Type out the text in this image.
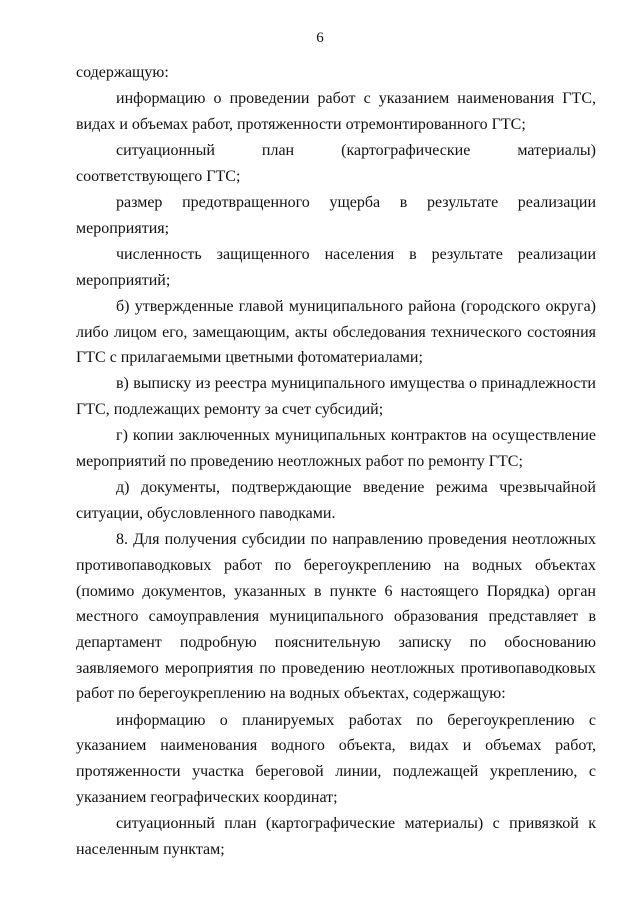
6

содержащую:

информацию о проведении работ с указанием наименования ГТС, видах и объемах работ, протяженности отремонтированного ГТС;

ситуационный план (картографические материалы) соответствующего ГТС;

размер предотвращенного ущерба в результате реализации мероприятия;

численность защищенного населения в результате реализации мероприятий;

б) утвержденные главой муниципального района (городского округа) либо лицом его, замещающим, акты обследования технического состояния ГТС с прилагаемыми цветными фотоматериалами;

в) выписку из реестра муниципального имущества о принадлежности ГТС, подлежащих ремонту за счет субсидий;

г) копии заключенных муниципальных контрактов на осуществление мероприятий по проведению неотложных работ по ремонту ГТС;

д) документы, подтверждающие введение режима чрезвычайной ситуации, обусловленного паводками.

8. Для получения субсидии по направлению проведения неотложных противопаводковых работ по берегоукреплению на водных объектах (помимо документов, указанных в пункте 6 настоящего Порядка) орган местного самоуправления муниципального образования представляет в департамент подробную пояснительную записку по обоснованию заявляемого мероприятия по проведению неотложных противопаводковых работ по берегоукреплению на водных объектах, содержащую:

информацию о планируемых работах по берегоукреплению с указанием наименования водного объекта, видах и объемах работ, протяженности участка береговой линии, подлежащей укреплению, с указанием географических координат;

ситуационный план (картографические материалы) с привязкой к населенным пунктам;
